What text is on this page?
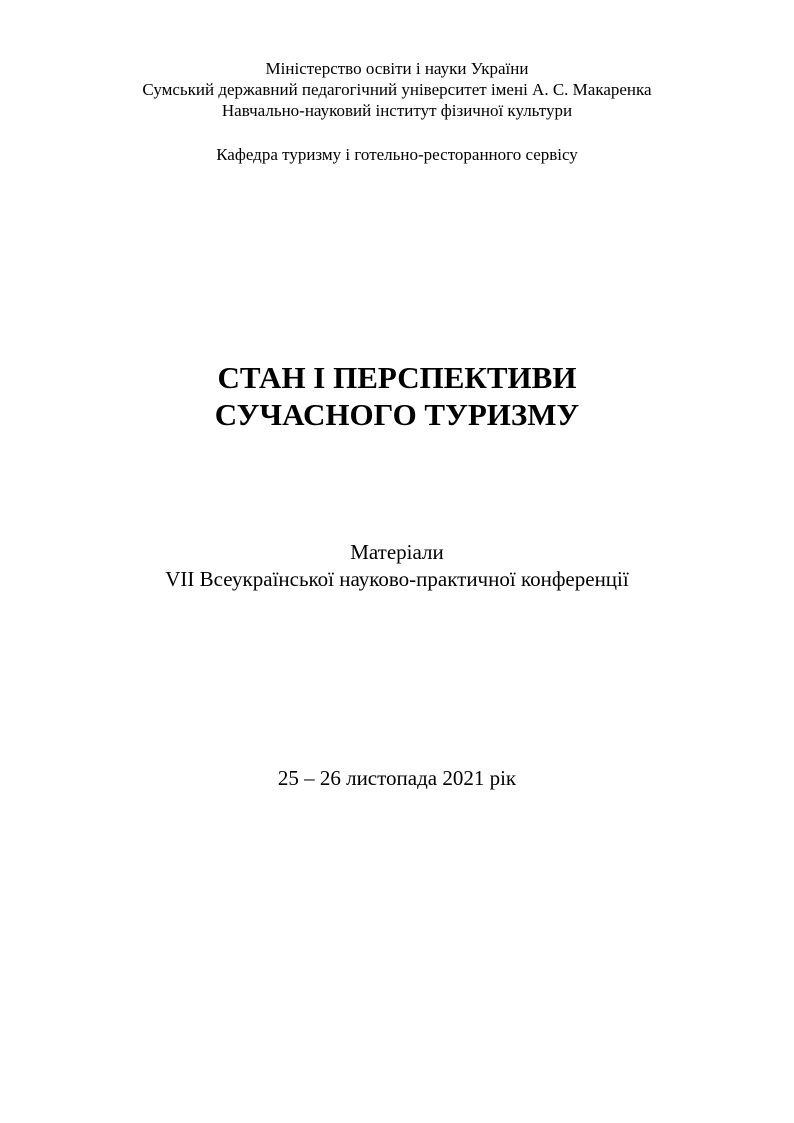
Міністерство освіти і науки України
Сумський державний педагогічний університет імені А. С. Макаренка
Навчально-науковий інститут фізичної культури
Кафедра туризму і готельно-ресторанного сервісу
СТАН І ПЕРСПЕКТИВИ
СУЧАСНОГО ТУРИЗМУ
Матеріали
VII Всеукраїнської науково-практичної конференції
25 – 26 листопада 2021 рік
